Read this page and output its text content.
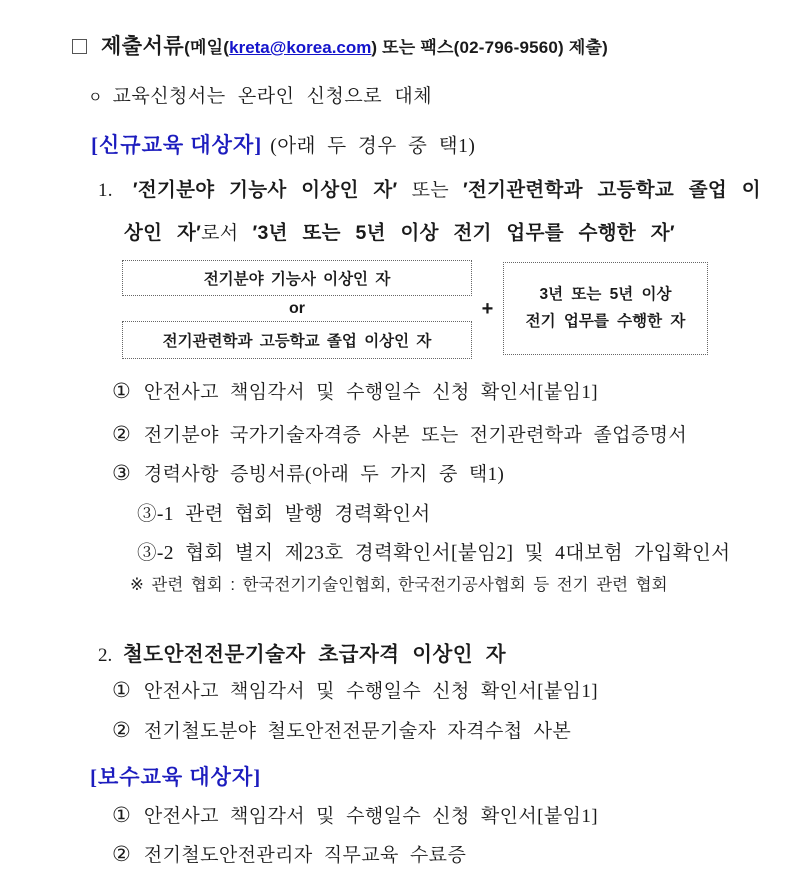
제출서류(메일(kreta@korea.com) 또는 팩스(02-796-9560) 제출)
ㅇ 교육신청서는 온라인 신청으로 대체
[신규교육 대상자] (아래 두 경우 중 택1)
1. ′전기분야 기능사 이상인 자′ 또는 ′전기관련학과 고등학교 졸업 이
상인 자′로서 ′3년 또는 5년 이상 전기 업무를 수행한 자′
전기분야 기능사 이상인 자
or
전기관련학과 고등학교 졸업 이상인 자
+
3년 또는 5년 이상
전기 업무를 수행한 자
① 안전사고 책임각서 및 수행일수 신청 확인서[붙임1]
② 전기분야 국가기술자격증 사본 또는 전기관련학과 졸업증명서
③ 경력사항 증빙서류(아래 두 가지 중 택1)
③-1 관련 협회 발행 경력확인서
③-2 협회 별지 제23호 경력확인서[붙임2] 및 4대보험 가입확인서
※ 관련 협회 : 한국전기기술인협회, 한국전기공사협회 등 전기 관련 협회
2. 철도안전전문기술자 초급자격 이상인 자
① 안전사고 책임각서 및 수행일수 신청 확인서[붙임1]
② 전기철도분야 철도안전전문기술자 자격수첩 사본
[보수교육 대상자]
① 안전사고 책임각서 및 수행일수 신청 확인서[붙임1]
② 전기철도안전관리자 직무교육 수료증
